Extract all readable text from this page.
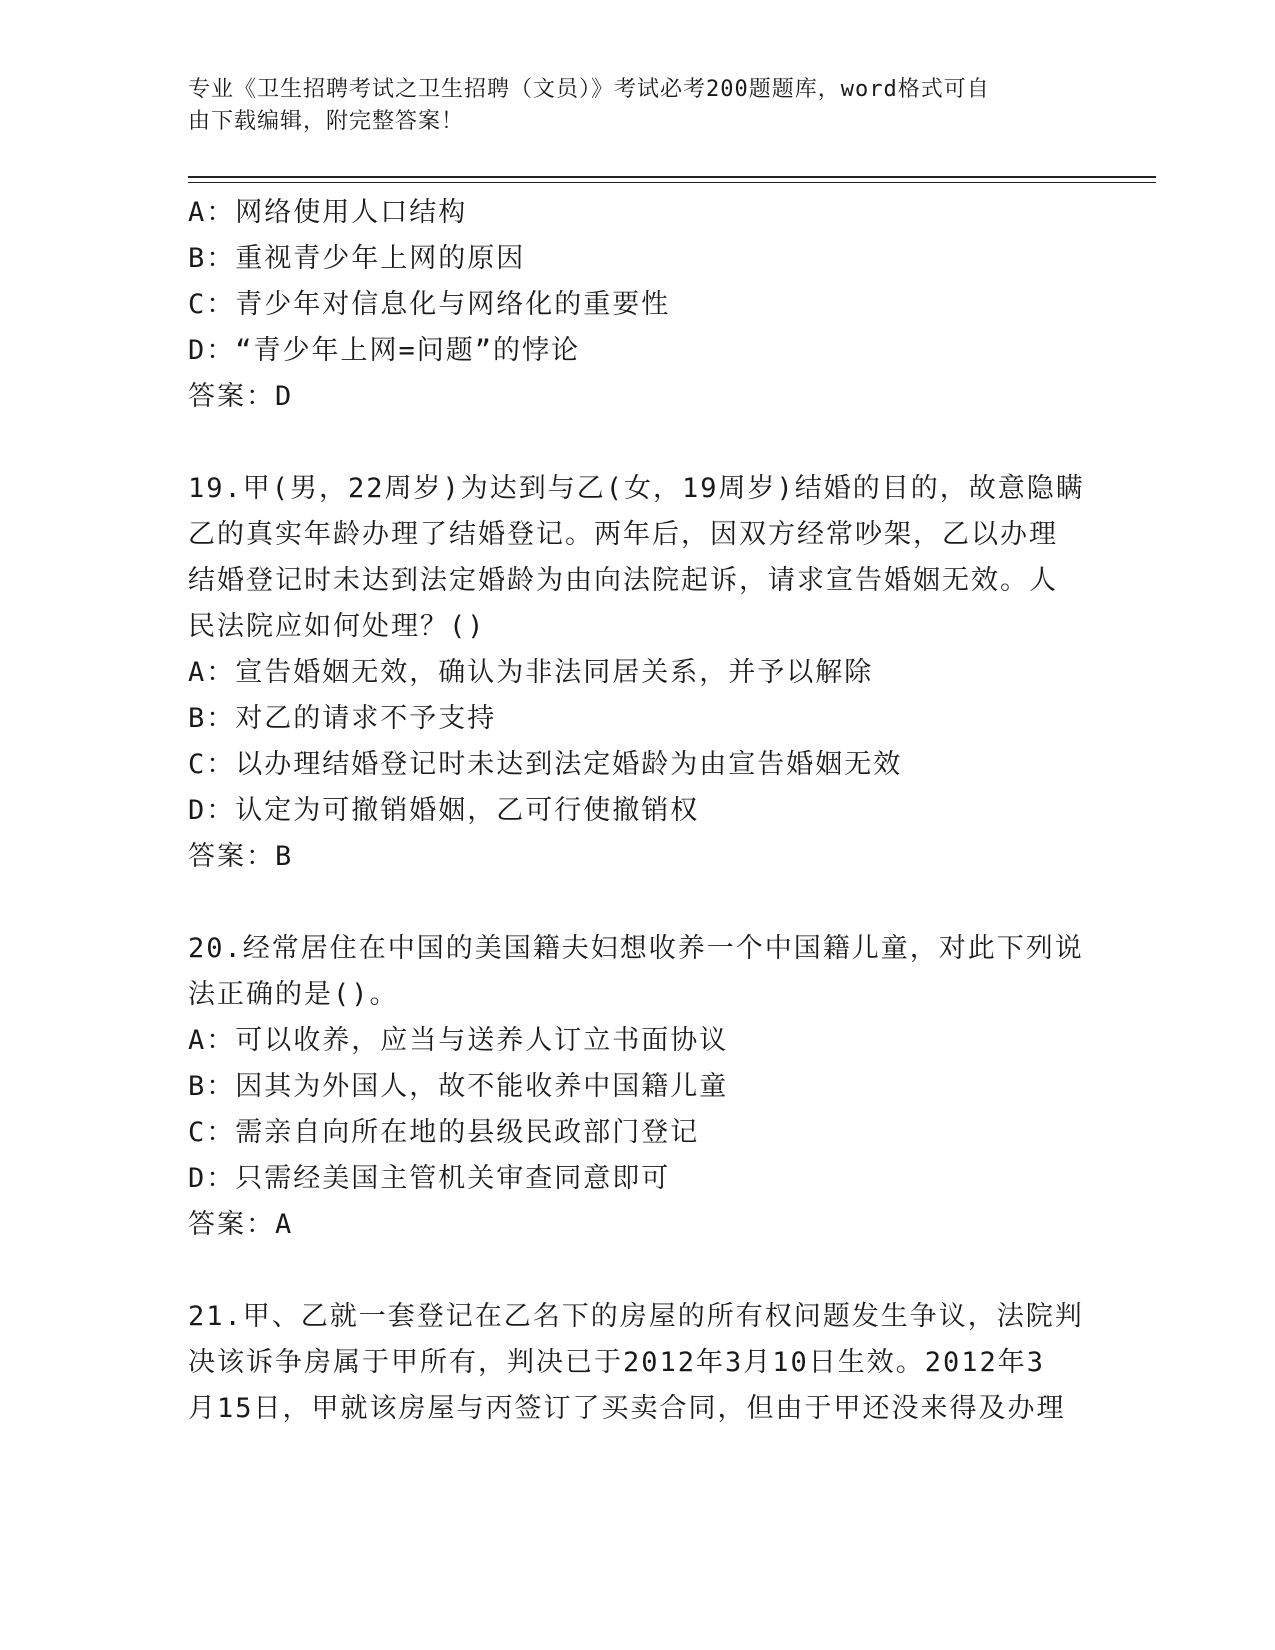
专业《卫生招聘考试之卫生招聘（文员）》考试必考200题题库，word格式可自

由下载编辑，附完整答案！

A：网络使用人口结构

B：重视青少年上网的原因

C：青少年对信息化与网络化的重要性

D：“青少年上网=问题”的悖论

答案：D

19.甲(男，22周岁)为达到与乙(女，19周岁)结婚的目的，故意隐瞒

乙的真实年龄办理了结婚登记。两年后，因双方经常吵架，乙以办理

结婚登记时未达到法定婚龄为由向法院起诉，请求宣告婚姻无效。人

民法院应如何处理？()

A：宣告婚姻无效，确认为非法同居关系，并予以解除

B：对乙的请求不予支持

C：以办理结婚登记时未达到法定婚龄为由宣告婚姻无效

D：认定为可撤销婚姻，乙可行使撤销权

答案：B

20.经常居住在中国的美国籍夫妇想收养一个中国籍儿童，对此下列说

法正确的是()。

A：可以收养，应当与送养人订立书面协议

B：因其为外国人，故不能收养中国籍儿童

C：需亲自向所在地的县级民政部门登记

D：只需经美国主管机关审查同意即可

答案：A

21.甲、乙就一套登记在乙名下的房屋的所有权问题发生争议，法院判

决该诉争房属于甲所有，判决已于2012年3月10日生效。2012年3

月15日，甲就该房屋与丙签订了买卖合同，但由于甲还没来得及办理
